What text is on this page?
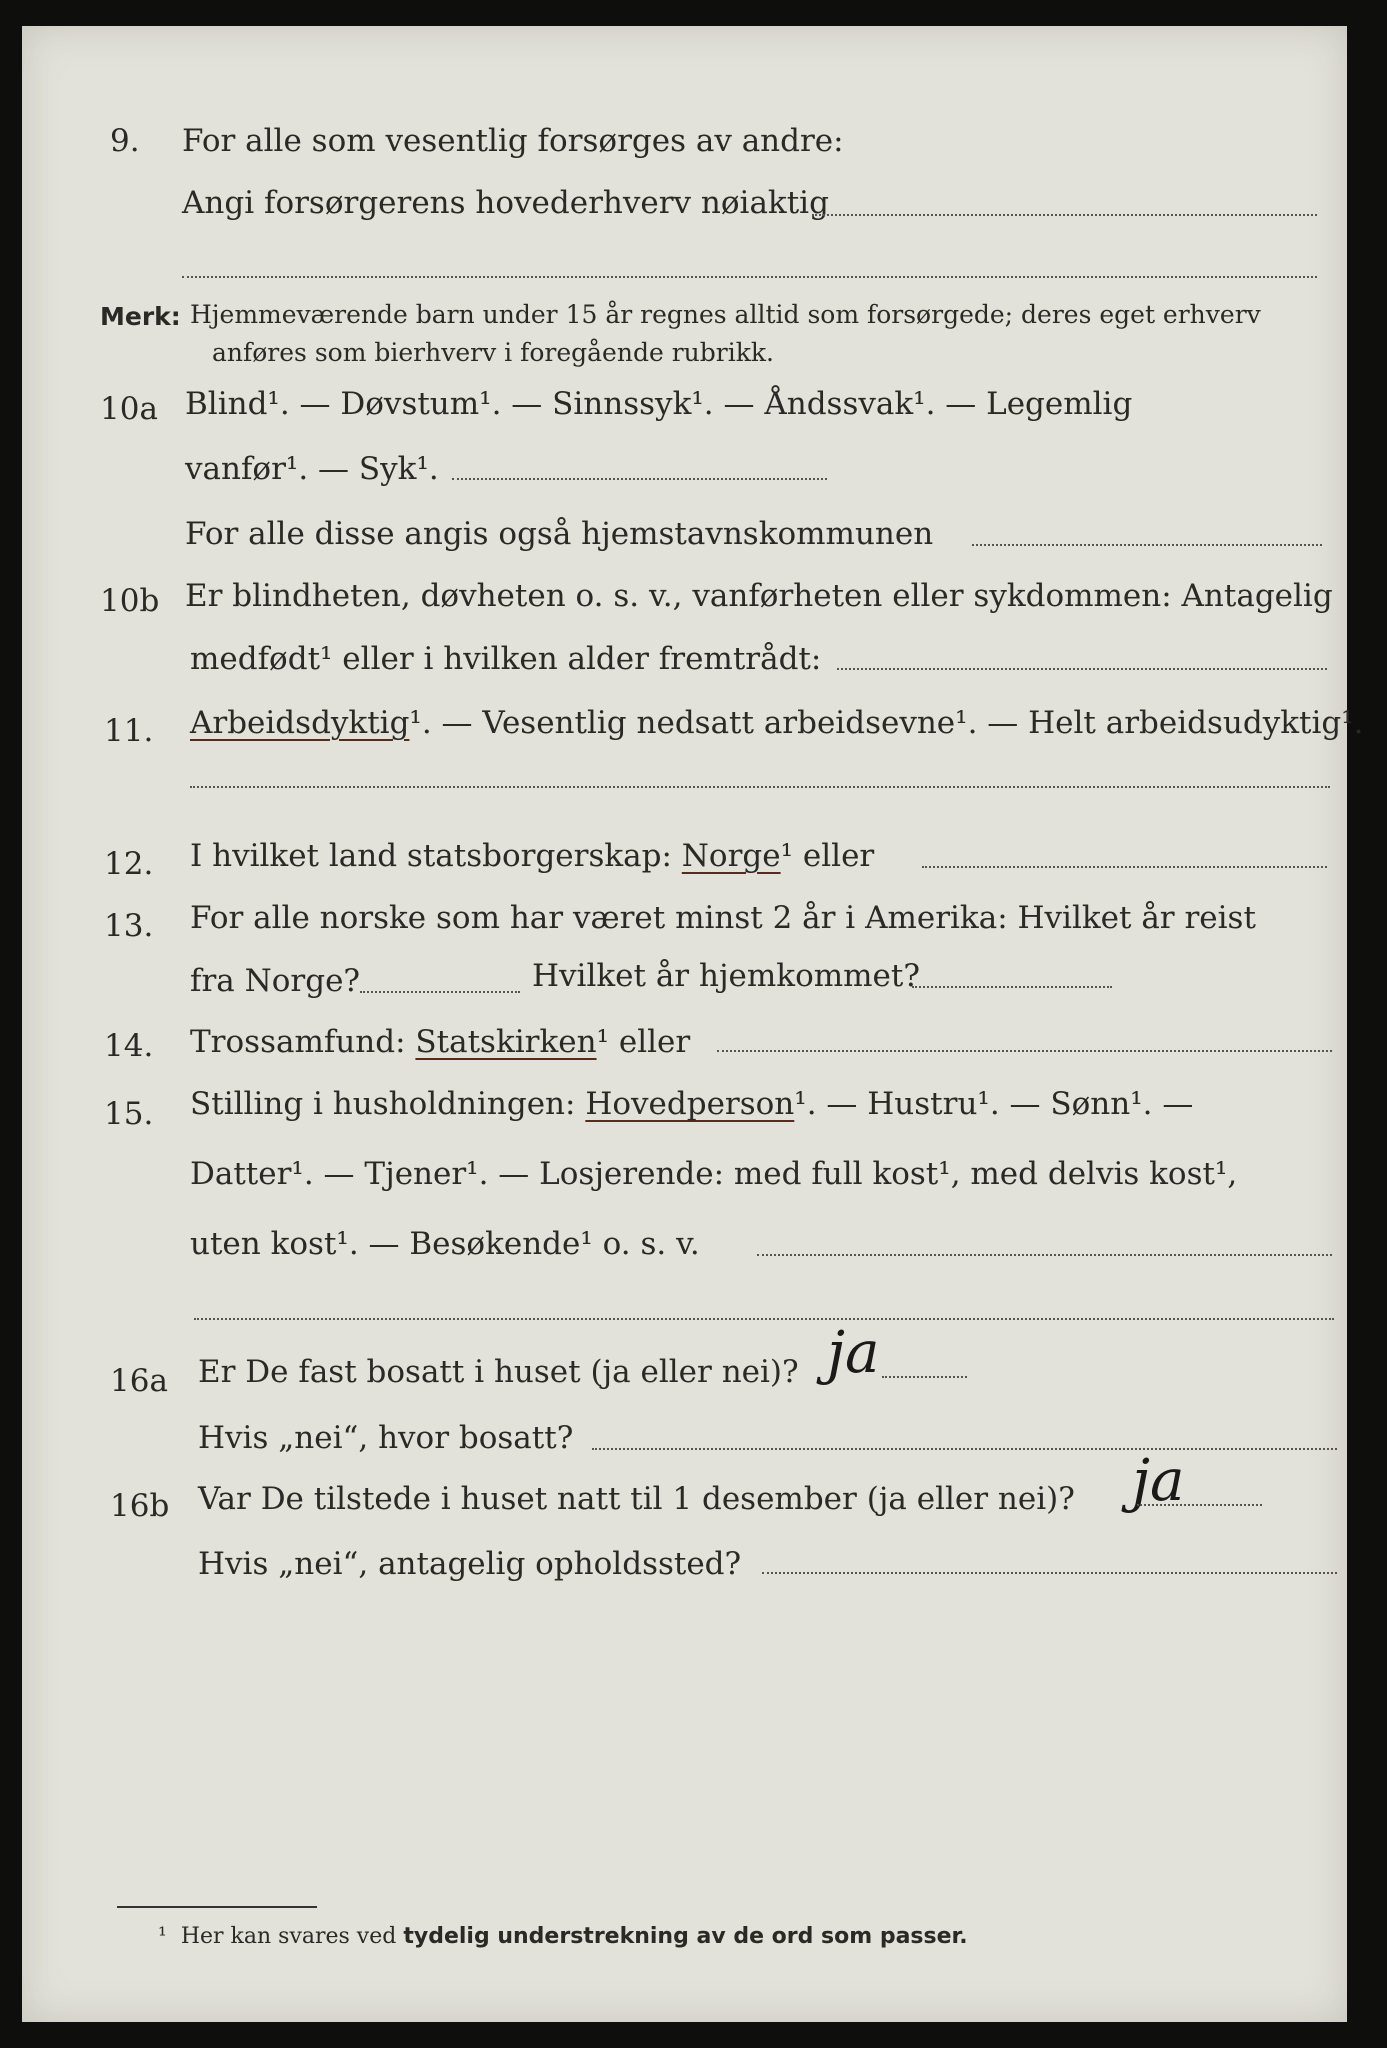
9. For alle som vesentlig forsørges av andre:
Angi forsørgerens hovederhverv nøiaktig
Merk: Hjemmeværende barn under 15 år regnes alltid som forsørgede; deres eget erhverv
anføres som bierhverv i foregående rubrikk.
10a Blind¹. — Døvstum¹. — Sinnssyk¹. — Åndssvak¹. — Legemlig
vanfør¹. — Syk¹.
For alle disse angis også hjemstavnskommunen
10b Er blindheten, døvheten o. s. v., vanførheten eller sykdommen: Antagelig
medfødt¹ eller i hvilken alder fremtrådt:
11. Arbeidsdyktig¹. — Vesentlig nedsatt arbeidsevne¹. — Helt arbeidsudyktig¹.
12. I hvilket land statsborgerskap: Norge¹ eller
13. For alle norske som har været minst 2 år i Amerika: Hvilket år reist
fra Norge?	Hvilket år hjemkommet?
14. Trossamfund: Statskirken¹ eller
15. Stilling i husholdningen: Hovedperson¹. — Hustru¹. — Sønn¹. —
Datter¹. — Tjener¹. — Losjerende: med full kost¹, med delvis kost¹,
uten kost¹. — Besøkende¹ o. s. v.
16a Er De fast bosatt i huset (ja eller nei)? ja
Hvis „nei“, hvor bosatt?
16b Var De tilstede i huset natt til 1 desember (ja eller nei)? ja
Hvis „nei“, antagelig opholdssted?
¹ Her kan svares ved tydelig understrekning av de ord som passer.
